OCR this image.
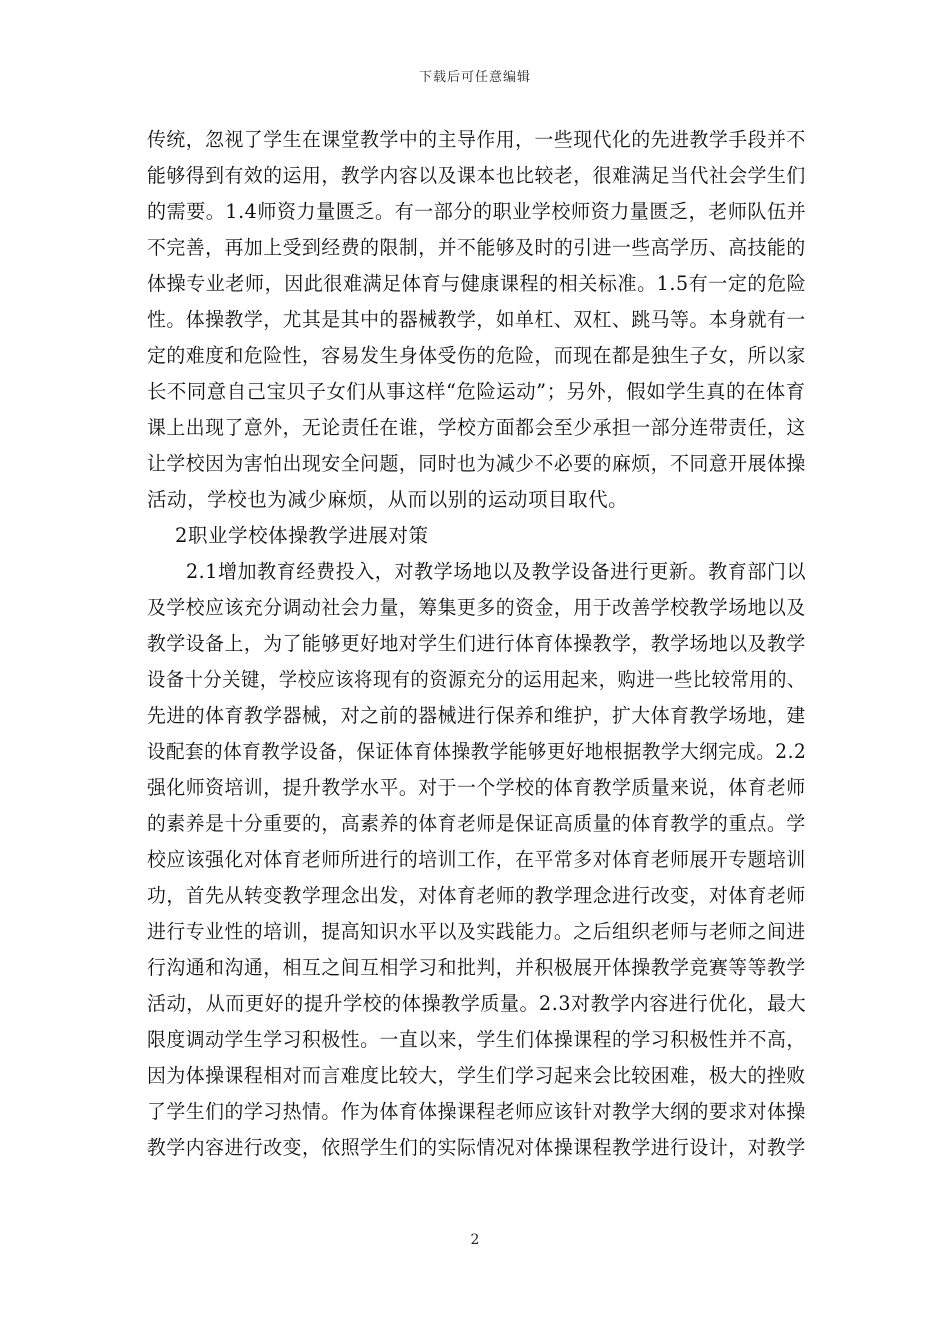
下载后可任意编辑
传统，忽视了学生在课堂教学中的主导作用，一些现代化的先进教学手段并不
能够得到有效的运用，教学内容以及课本也比较老，很难满足当代社会学生们
的需要。1.4师资力量匮乏。有一部分的职业学校师资力量匮乏，老师队伍并
不完善，再加上受到经费的限制，并不能够及时的引进一些高学历、高技能的
体操专业老师，因此很难满足体育与健康课程的相关标准。1.5有一定的危险
性。体操教学，尤其是其中的器械教学，如单杠、双杠、跳马等。本身就有一
定的难度和危险性，容易发生身体受伤的危险，而现在都是独生子女，所以家
长不同意自己宝贝子女们从事这样“危险运动”；另外，假如学生真的在体育
课上出现了意外，无论责任在谁，学校方面都会至少承担一部分连带责任，这
让学校因为害怕出现安全问题，同时也为减少不必要的麻烦，不同意开展体操
活动，学校也为减少麻烦，从而以别的运动项目取代。
2职业学校体操教学进展对策
2.1增加教育经费投入，对教学场地以及教学设备进行更新。教育部门以
及学校应该充分调动社会力量，筹集更多的资金，用于改善学校教学场地以及
教学设备上，为了能够更好地对学生们进行体育体操教学，教学场地以及教学
设备十分关键，学校应该将现有的资源充分的运用起来，购进一些比较常用的、
先进的体育教学器械，对之前的器械进行保养和维护，扩大体育教学场地，建
设配套的体育教学设备，保证体育体操教学能够更好地根据教学大纲完成。2.2
强化师资培训，提升教学水平。对于一个学校的体育教学质量来说，体育老师
的素养是十分重要的，高素养的体育老师是保证高质量的体育教学的重点。学
校应该强化对体育老师所进行的培训工作，在平常多对体育老师展开专题培训
功，首先从转变教学理念出发，对体育老师的教学理念进行改变，对体育老师
进行专业性的培训，提高知识水平以及实践能力。之后组织老师与老师之间进
行沟通和沟通，相互之间互相学习和批判，并积极展开体操教学竞赛等等教学
活动，从而更好的提升学校的体操教学质量。2.3对教学内容进行优化，最大
限度调动学生学习积极性。一直以来，学生们体操课程的学习积极性并不高，
因为体操课程相对而言难度比较大，学生们学习起来会比较困难，极大的挫败
了学生们的学习热情。作为体育体操课程老师应该针对教学大纲的要求对体操
教学内容进行改变，依照学生们的实际情况对体操课程教学进行设计，对教学
2
